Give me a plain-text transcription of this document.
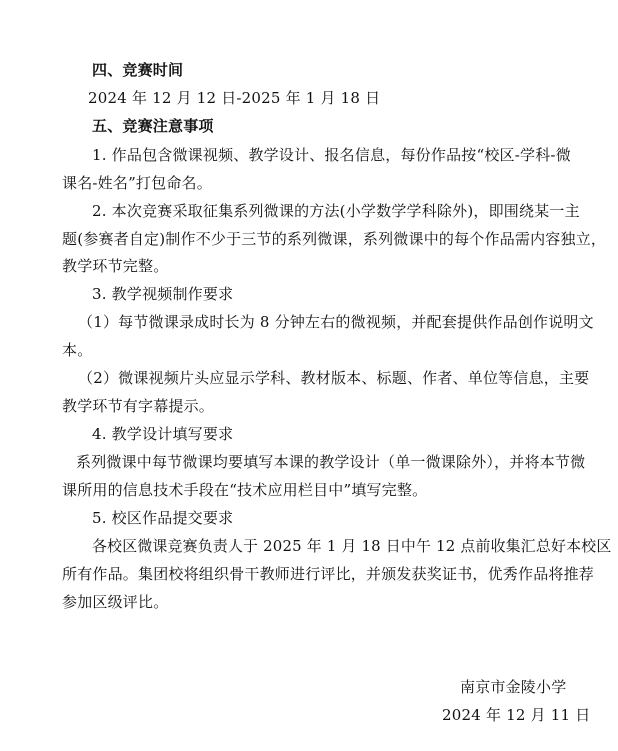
四、竞赛时间
2024 年 12 月 12 日-2025 年 1 月 18 日
五、竞赛注意事项
1. 作品包含微课视频、教学设计、报名信息，每份作品按“校区-学科-微
课名-姓名”打包命名。
2. 本次竞赛采取征集系列微课的方法(小学数学学科除外)，即围绕某一主
题(参赛者自定)制作不少于三节的系列微课，系列微课中的每个作品需内容独立，
教学环节完整。
3. 教学视频制作要求
（1）每节微课录成时长为 8 分钟左右的微视频，并配套提供作品创作说明文
本。
（2）微课视频片头应显示学科、教材版本、标题、作者、单位等信息，主要
教学环节有字幕提示。
4. 教学设计填写要求
系列微课中每节微课均要填写本课的教学设计（单一微课除外），并将本节微
课所用的信息技术手段在“技术应用栏目中”填写完整。
5. 校区作品提交要求
各校区微课竞赛负责人于 2025 年 1 月 18 日中午 12 点前收集汇总好本校区
所有作品。集团校将组织骨干教师进行评比，并颁发获奖证书，优秀作品将推荐
参加区级评比。
南京市金陵小学
2024 年 12 月 11 日
